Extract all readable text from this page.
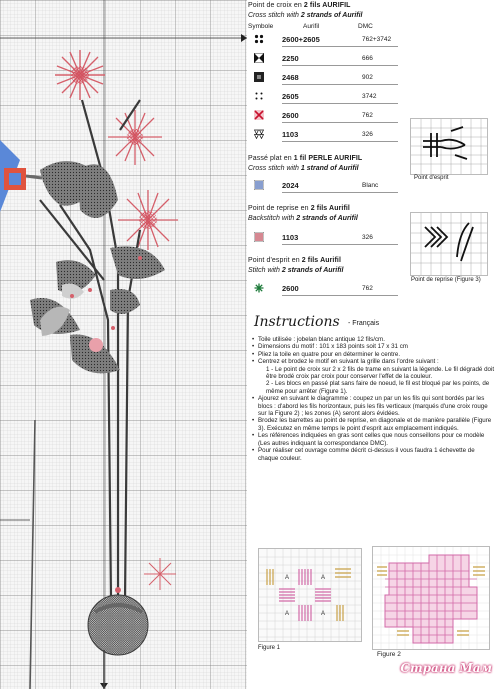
Point de croix en 2 fils AURIFIL
Cross stitch with 2 strands of Aurifil
Symbole	Aurifil	DMC
2600+2605	762+3742
2250	666
2468	902
2605	3742
2600	762
1103	326
Passé plat en 1 fil PERLE AURIFIL
Cross stitch with 1 strand of Aurifil
2024	Blanc
Point de reprise en 2 fils Aurifil
Backstitch with 2 strands of Aurifil
1103	326
Point d'esprit en 2 fils Aurifil
Stitch with 2 strands of Aurifil
2600	762
Point d'esprit
Point de reprise (Figure 3)
Instructions - Français
• Toile utilisée : jobelan blanc antique 12 fils/cm.
• Dimensions du motif : 101 x 183 points soit 17 x 31 cm
• Pliez la toile en quatre pour en déterminer le centre.
• Centrez et brodez le motif en suivant la grille dans l'ordre suivant :
1 - Le point de croix sur 2 x 2 fils de trame en suivant la légende. Le fil dégradé doit être brodé croix par croix pour conserver l'effet de la couleur.
2 - Les blocs en passé plat sans faire de noeud, le fil est bloqué par les points, de même pour arrêter (Figure 1).
• Ajourez en suivant le diagramme : coupez un par un les fils qui sont bordés par les blocs : d'abord les fils horizontaux, puis les fils verticaux (marqués d'une croix rouge sur la Figure 2) ; les zones (A) seront alors évidées.
• Brodez les barrettes au point de reprise, en diagonale et de manière parallèle (Figure 3). Exécutez en même temps le point d'esprit aux emplacement indiqués.
• Les références indiquées en gras sont celles que nous conseillons pour ce modèle (Les autres indiquant la correspondance DMC).
• Pour réaliser cet ouvrage comme décrit ci-dessus il vous faudra 1 échevette de chaque couleur.
A	A
A	A
Figure 1
Figure 2
Страна Мам
